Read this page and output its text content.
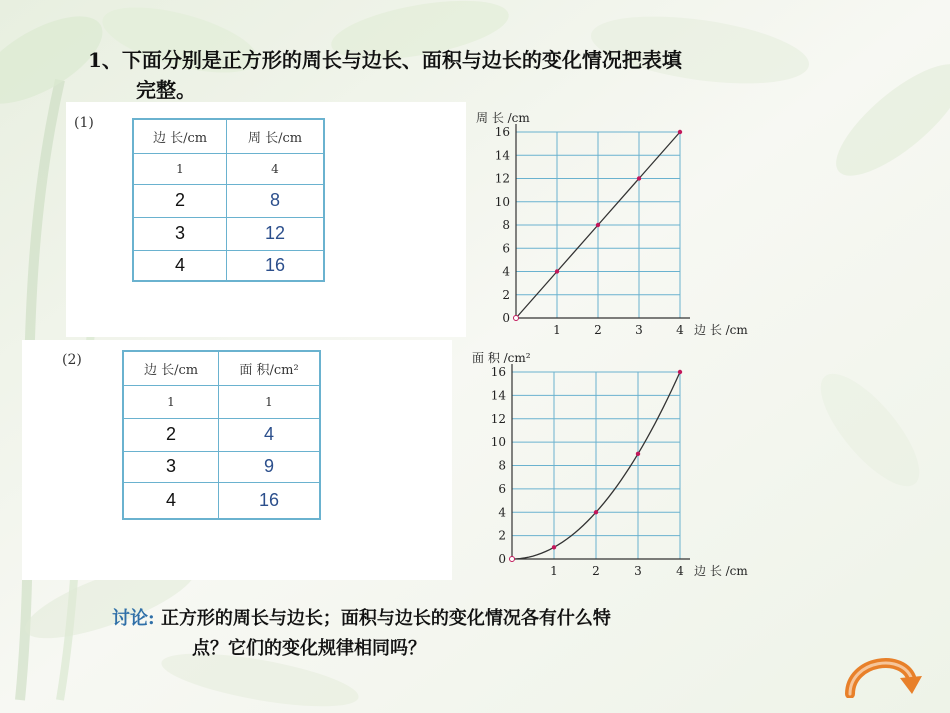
1、下面分别是正方形的周长与边长、面积与边长的变化情况把表填
完整。
(1)
边 长/cm	周 长/cm
1	4
2	8
3	12
4	16
0
2
4
6
8
10
12
14
16
1	2	3	4
周 长 /cm
边 长 /cm
(2)
边 长/cm	面 积/cm²
1	1
2	4
3	9
4	16
0
2
4
6
8
10
12
14
16
1	2	3	4
面 积 /cm²
边 长 /cm
讨论: 正方形的周长与边长；面积与边长的变化情况各有什么特
点？它们的变化规律相同吗？
